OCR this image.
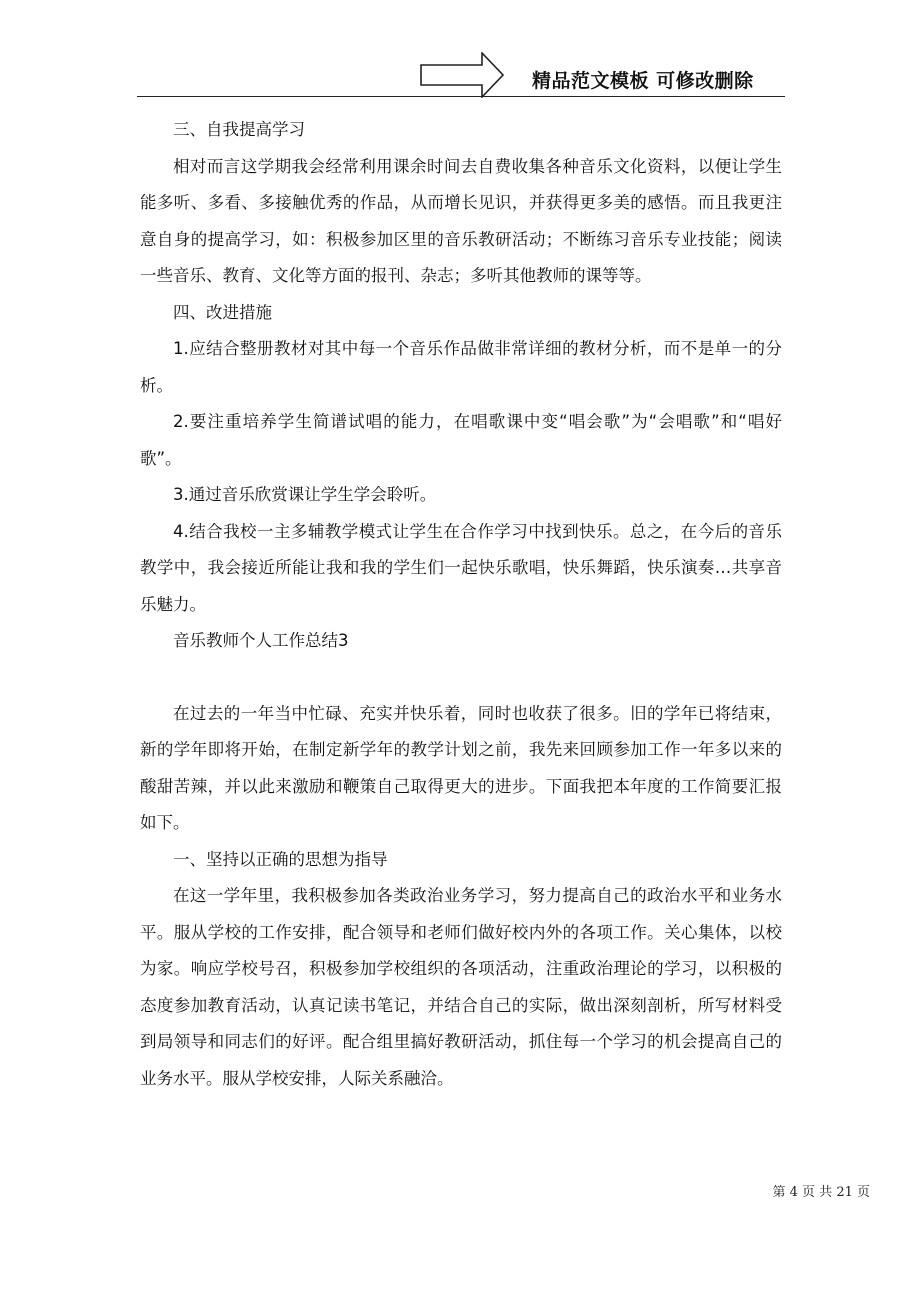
精品范文模板 可修改删除

三、自我提高学习

相对而言这学期我会经常利用课余时间去自费收集各种音乐文化资料，以便让学生能多听、多看、多接触优秀的作品，从而增长见识，并获得更多美的感悟。而且我更注意自身的提高学习，如：积极参加区里的音乐教研活动；不断练习音乐专业技能；阅读一些音乐、教育、文化等方面的报刊、杂志；多听其他教师的课等等。

四、改进措施

1.应结合整册教材对其中每一个音乐作品做非常详细的教材分析，而不是单一的分析。

2.要注重培养学生简谱试唱的能力，在唱歌课中变“唱会歌”为“会唱歌”和“唱好歌”。

3.通过音乐欣赏课让学生学会聆听。

4.结合我校一主多辅教学模式让学生在合作学习中找到快乐。总之，在今后的音乐教学中，我会接近所能让我和我的学生们一起快乐歌唱，快乐舞蹈，快乐演奏…共享音乐魅力。

音乐教师个人工作总结3

在过去的一年当中忙碌、充实并快乐着，同时也收获了很多。旧的学年已将结束，新的学年即将开始，在制定新学年的教学计划之前，我先来回顾参加工作一年多以来的酸甜苦辣，并以此来激励和鞭策自己取得更大的进步。下面我把本年度的工作简要汇报如下。

一、坚持以正确的思想为指导

在这一学年里，我积极参加各类政治业务学习，努力提高自己的政治水平和业务水平。服从学校的工作安排，配合领导和老师们做好校内外的各项工作。关心集体，以校为家。响应学校号召，积极参加学校组织的各项活动，注重政治理论的学习，以积极的态度参加教育活动，认真记读书笔记，并结合自己的实际，做出深刻剖析，所写材料受到局领导和同志们的好评。配合组里搞好教研活动，抓住每一个学习的机会提高自己的业务水平。服从学校安排，人际关系融洽。

第 4 页 共 21 页
